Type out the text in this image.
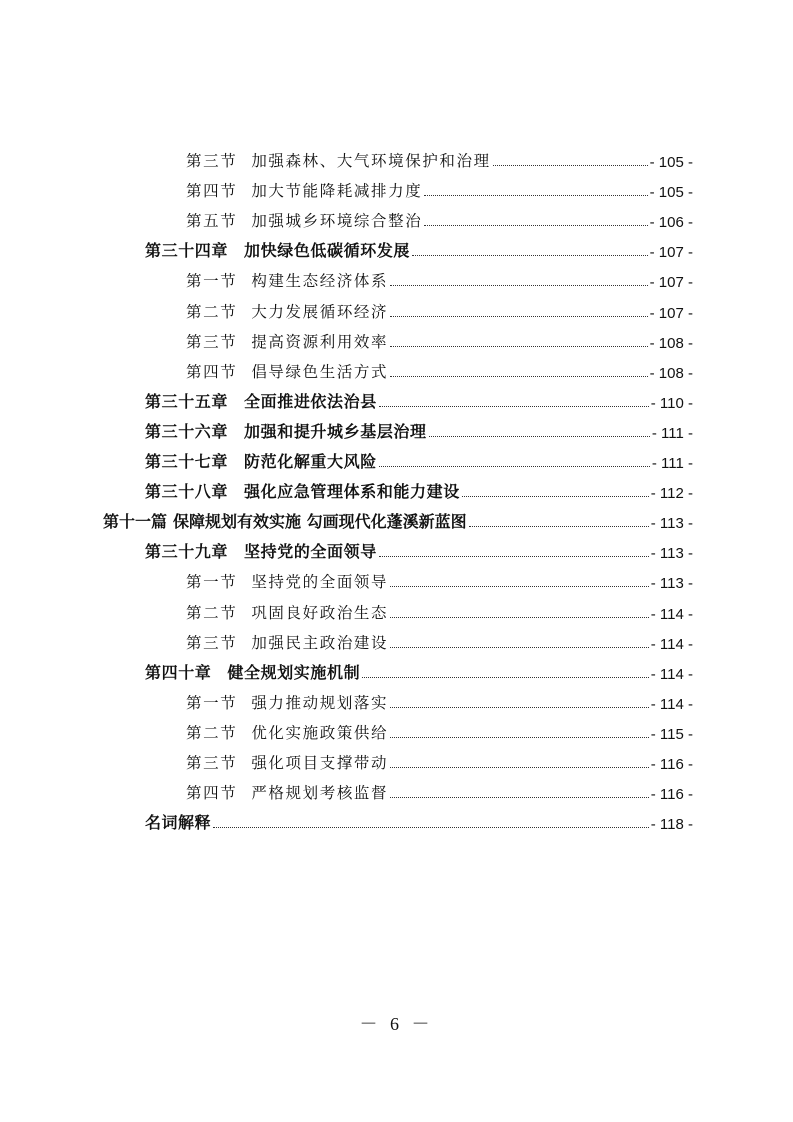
第三节 加强森林、大气环境保护和治理	- 105 -
第四节 加大节能降耗减排力度	- 105 -
第五节 加强城乡环境综合整治	- 106 -
第三十四章 加快绿色低碳循环发展	- 107 -
第一节 构建生态经济体系	- 107 -
第二节 大力发展循环经济	- 107 -
第三节 提高资源利用效率	- 108 -
第四节 倡导绿色生活方式	- 108 -
第三十五章 全面推进依法治县	- 110 -
第三十六章 加强和提升城乡基层治理	- 111 -
第三十七章 防范化解重大风险	- 111 -
第三十八章 强化应急管理体系和能力建设	- 112 -
第十一篇 保障规划有效实施 勾画现代化蓬溪新蓝图	- 113 -
第三十九章 坚持党的全面领导	- 113 -
第一节 坚持党的全面领导	- 113 -
第二节 巩固良好政治生态	- 114 -
第三节 加强民主政治建设	- 114 -
第四十章 健全规划实施机制	- 114 -
第一节 强力推动规划落实	- 114 -
第二节 优化实施政策供给	- 115 -
第三节 强化项目支撑带动	- 116 -
第四节 严格规划考核监督	- 116 -
名词解释	- 118 -
－ 6 －
